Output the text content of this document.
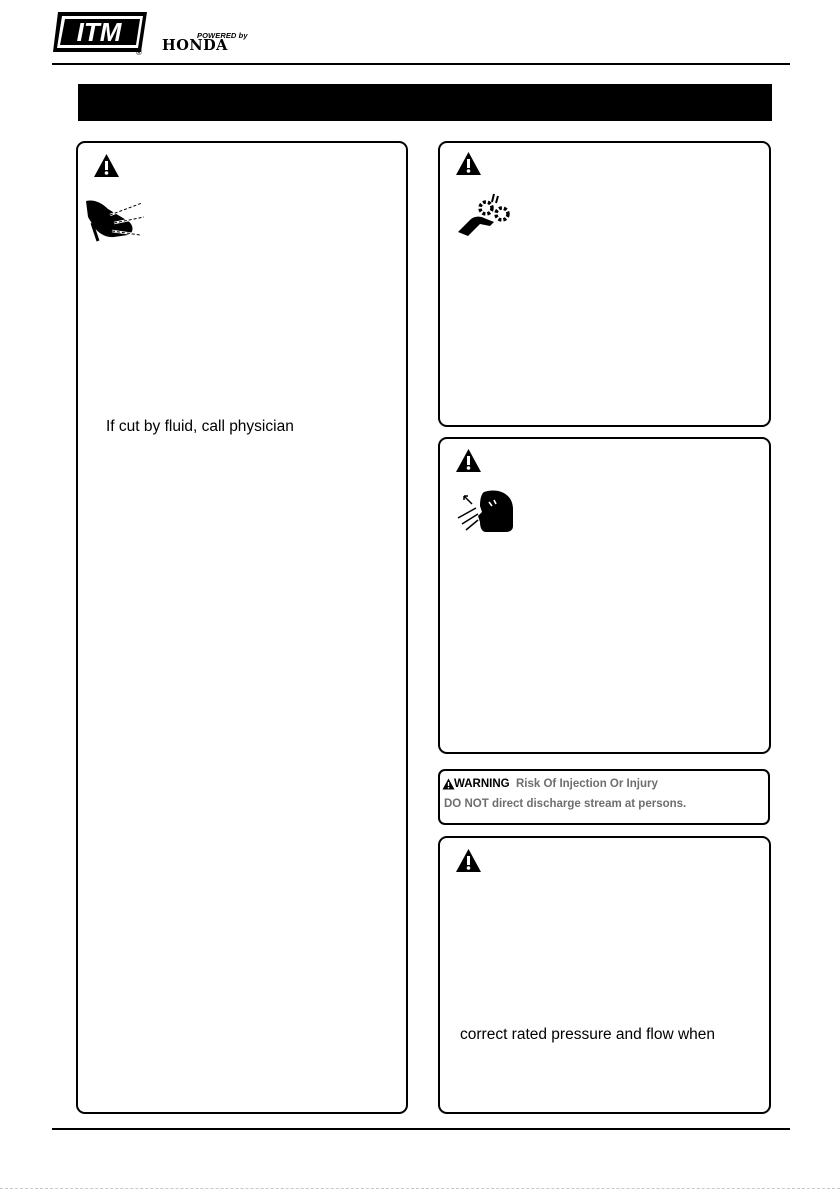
ITM
®
POWERED by
HONDA
If cut by fluid, call physician
WARNING Risk Of Injection Or Injury
DO NOT direct discharge stream at persons.
correct rated pressure and flow when
